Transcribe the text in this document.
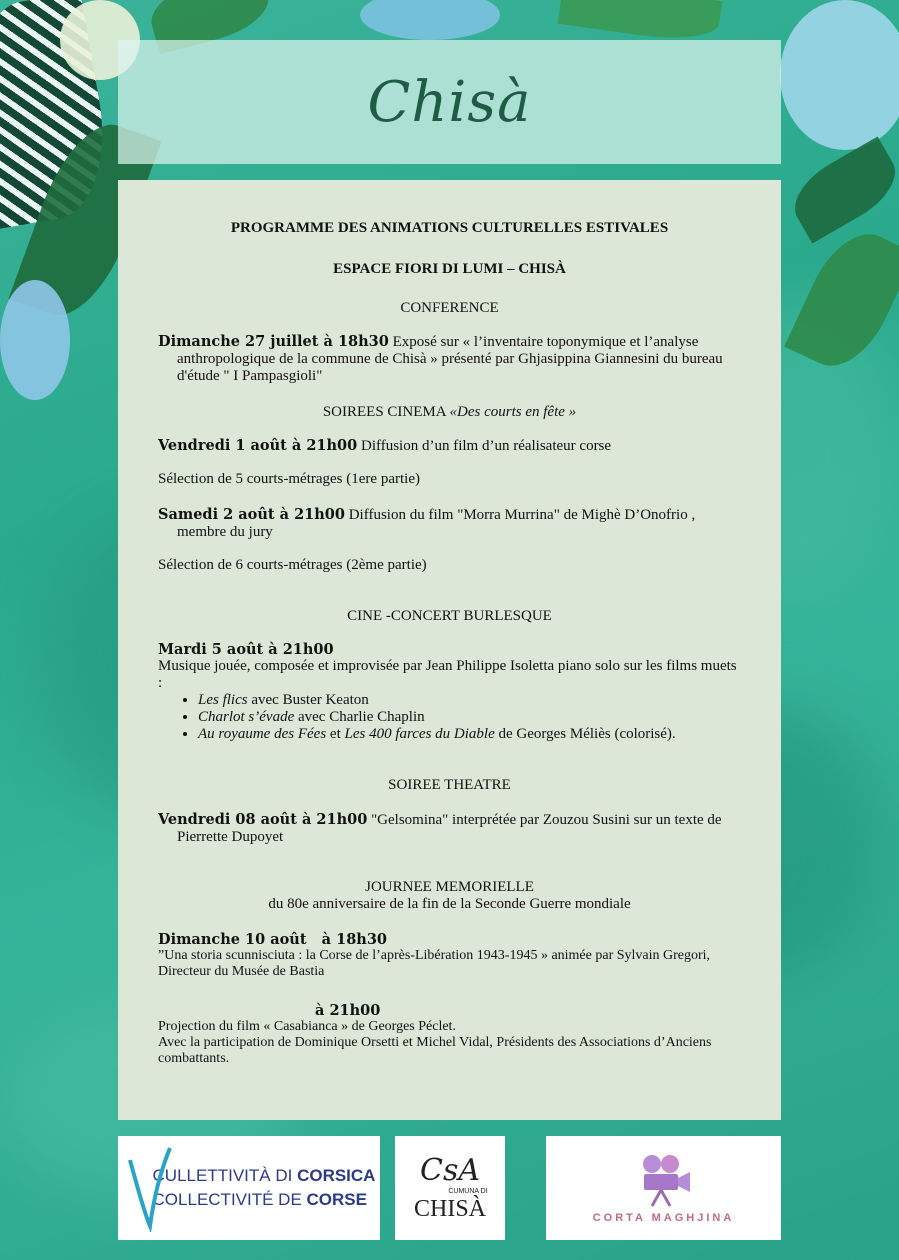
Chisà
PROGRAMME DES ANIMATIONS CULTURELLES ESTIVALES
ESPACE FIORI DI LUMI – CHISÀ
CONFERENCE
Dimanche 27 juillet à 18h30 Exposé sur « l’inventaire toponymique et l’analyse anthropologique de la commune de Chisà » présenté par Ghjasippina Giannesini du bureau d'étude " I Pampasgioli"
SOIREES CINEMA «Des courts en fête »
Vendredi 1 août à 21h00 Diffusion d’un film d’un réalisateur corse
Sélection de 5 courts-métrages (1ere partie)
Samedi 2 août à 21h00 Diffusion du film "Morra Murrina" de Mighè D’Onofrio , membre du jury
Sélection de 6 courts-métrages (2ème partie)
CINE -CONCERT BURLESQUE
Mardi 5 août à 21h00
Musique jouée, composée et improvisée par Jean Philippe Isoletta piano solo sur les films muets :
• Les flics avec Buster Keaton
• Charlot s’évade avec Charlie Chaplin
• Au royaume des Fées et Les 400 farces du Diable de Georges Méliès (colorisé).
SOIREE THEATRE
Vendredi 08 août à 21h00 "Gelsomina" interprétée par Zouzou Susini sur un texte de Pierrette Dupoyet
JOURNEE MEMORIELLE
du 80e anniversaire de la fin de la Seconde Guerre mondiale
Dimanche 10 août   à 18h30
”Una storia scunnisciuta : la Corse de l’après-Libération 1943-1945 » animée par Sylvain Gregori, Directeur du Musée de Bastia
à 21h00
Projection du film « Casabianca » de Georges Péclet.
Avec la participation de Dominique Orsetti et Michel Vidal, Présidents des Associations d’Anciens combattants.
CULLETTIVITÀ DI CORSICA
COLLECTIVITÉ DE CORSE
CsA
CUMUNA DI
CHISÀ	CORTA MAGHJINA
